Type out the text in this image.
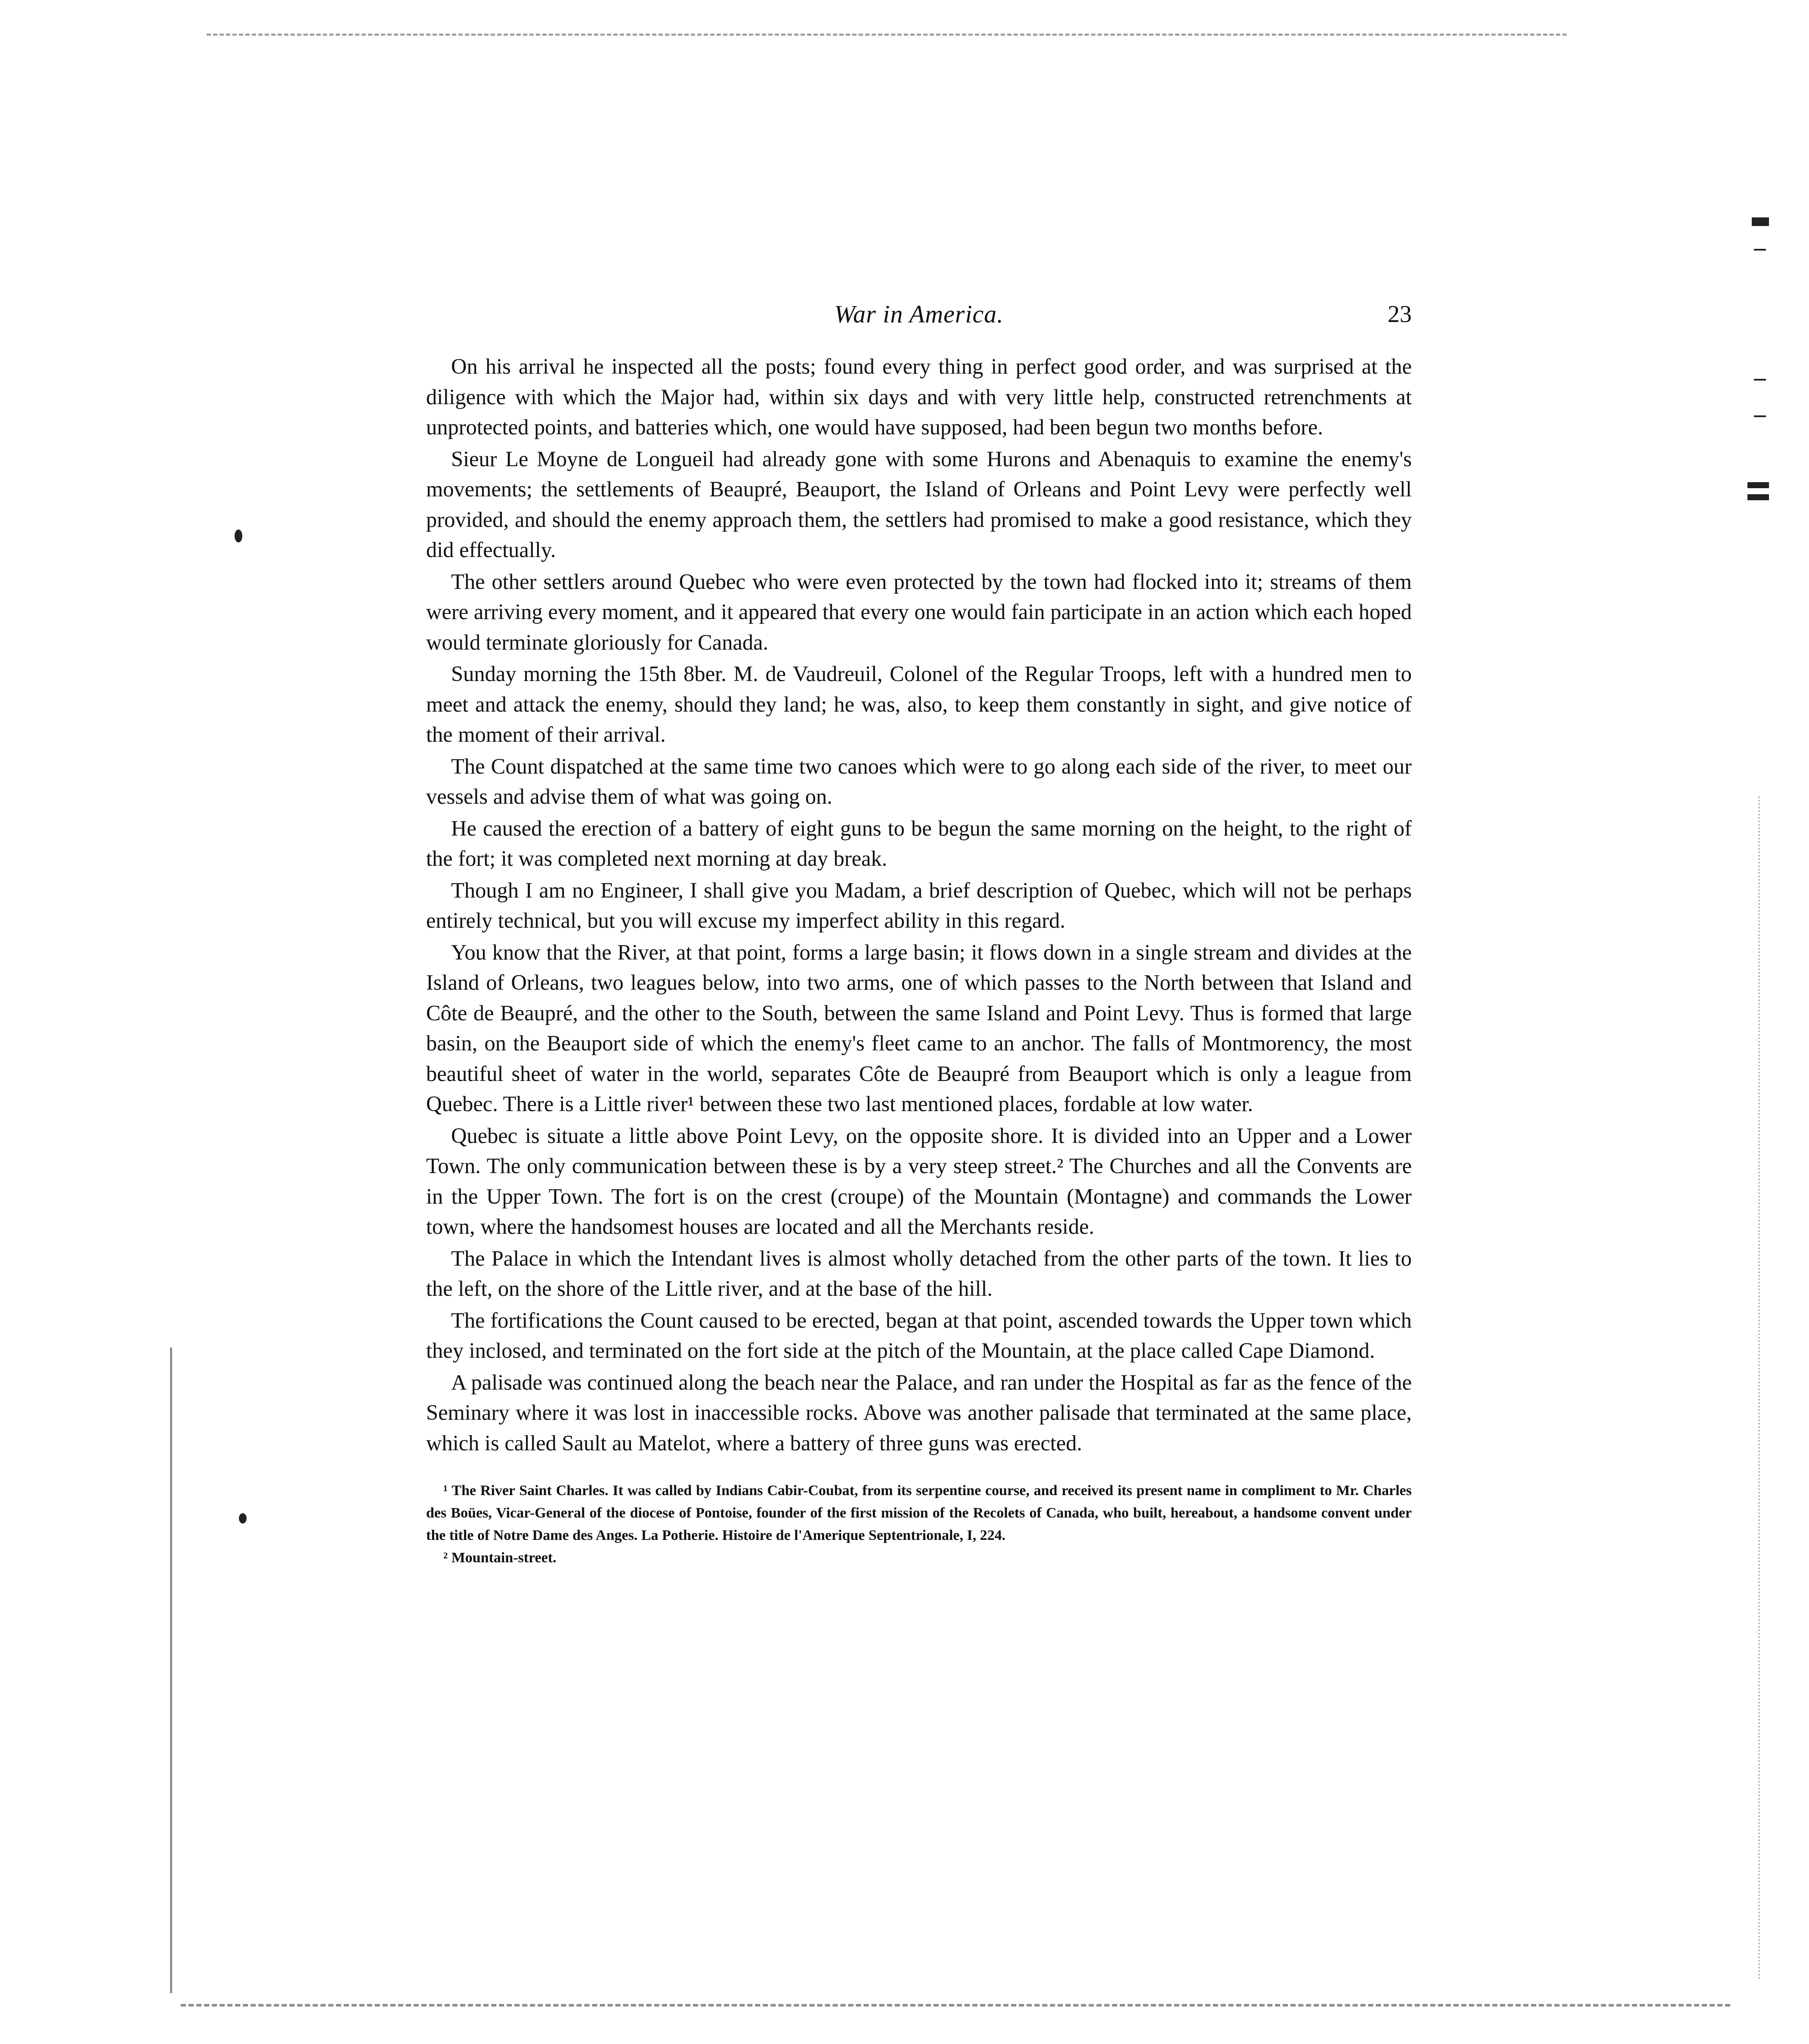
War in America.	23

On his arrival he inspected all the posts; found every thing in perfect good order, and was surprised at the diligence with which the Major had, within six days and with very little help, constructed retrenchments at unprotected points, and batteries which, one would have supposed, had been begun two months before.

Sieur Le Moyne de Longueil had already gone with some Hurons and Abenaquis to examine the enemy's movements; the settlements of Beaupré, Beauport, the Island of Orleans and Point Levy were perfectly well provided, and should the enemy approach them, the settlers had promised to make a good resistance, which they did effectually.

The other settlers around Quebec who were even protected by the town had flocked into it; streams of them were arriving every moment, and it appeared that every one would fain participate in an action which each hoped would terminate gloriously for Canada.

Sunday morning the 15th 8ber. M. de Vaudreuil, Colonel of the Regular Troops, left with a hundred men to meet and attack the enemy, should they land; he was, also, to keep them constantly in sight, and give notice of the moment of their arrival.

The Count dispatched at the same time two canoes which were to go along each side of the river, to meet our vessels and advise them of what was going on.

He caused the erection of a battery of eight guns to be begun the same morning on the height, to the right of the fort; it was completed next morning at day break.

Though I am no Engineer, I shall give you Madam, a brief description of Quebec, which will not be perhaps entirely technical, but you will excuse my imperfect ability in this regard.

You know that the River, at that point, forms a large basin; it flows down in a single stream and divides at the Island of Orleans, two leagues below, into two arms, one of which passes to the North between that Island and Côte de Beaupré, and the other to the South, between the same Island and Point Levy. Thus is formed that large basin, on the Beauport side of which the enemy's fleet came to an anchor. The falls of Montmorency, the most beautiful sheet of water in the world, separates Côte de Beaupré from Beauport which is only a league from Quebec. There is a Little river¹ between these two last mentioned places, fordable at low water.

Quebec is situate a little above Point Levy, on the opposite shore. It is divided into an Upper and a Lower Town. The only communication between these is by a very steep street.² The Churches and all the Convents are in the Upper Town. The fort is on the crest (croupe) of the Mountain (Montagne) and commands the Lower town, where the handsomest houses are located and all the Merchants reside.

The Palace in which the Intendant lives is almost wholly detached from the other parts of the town. It lies to the left, on the shore of the Little river, and at the base of the hill.

The fortifications the Count caused to be erected, began at that point, ascended towards the Upper town which they inclosed, and terminated on the fort side at the pitch of the Mountain, at the place called Cape Diamond.

A palisade was continued along the beach near the Palace, and ran under the Hospital as far as the fence of the Seminary where it was lost in inaccessible rocks. Above was another palisade that terminated at the same place, which is called Sault au Matelot, where a battery of three guns was erected.

¹ The River Saint Charles. It was called by Indians Cabir-Coubat, from its serpentine course, and received its present name in compliment to Mr. Charles des Boües, Vicar-General of the diocese of Pontoise, founder of the first mission of the Recolets of Canada, who built, hereabout, a handsome convent under the title of Notre Dame des Anges. La Potherie. Histoire de l'Amerique Septentrionale, I, 224.

² Mountain-street.
